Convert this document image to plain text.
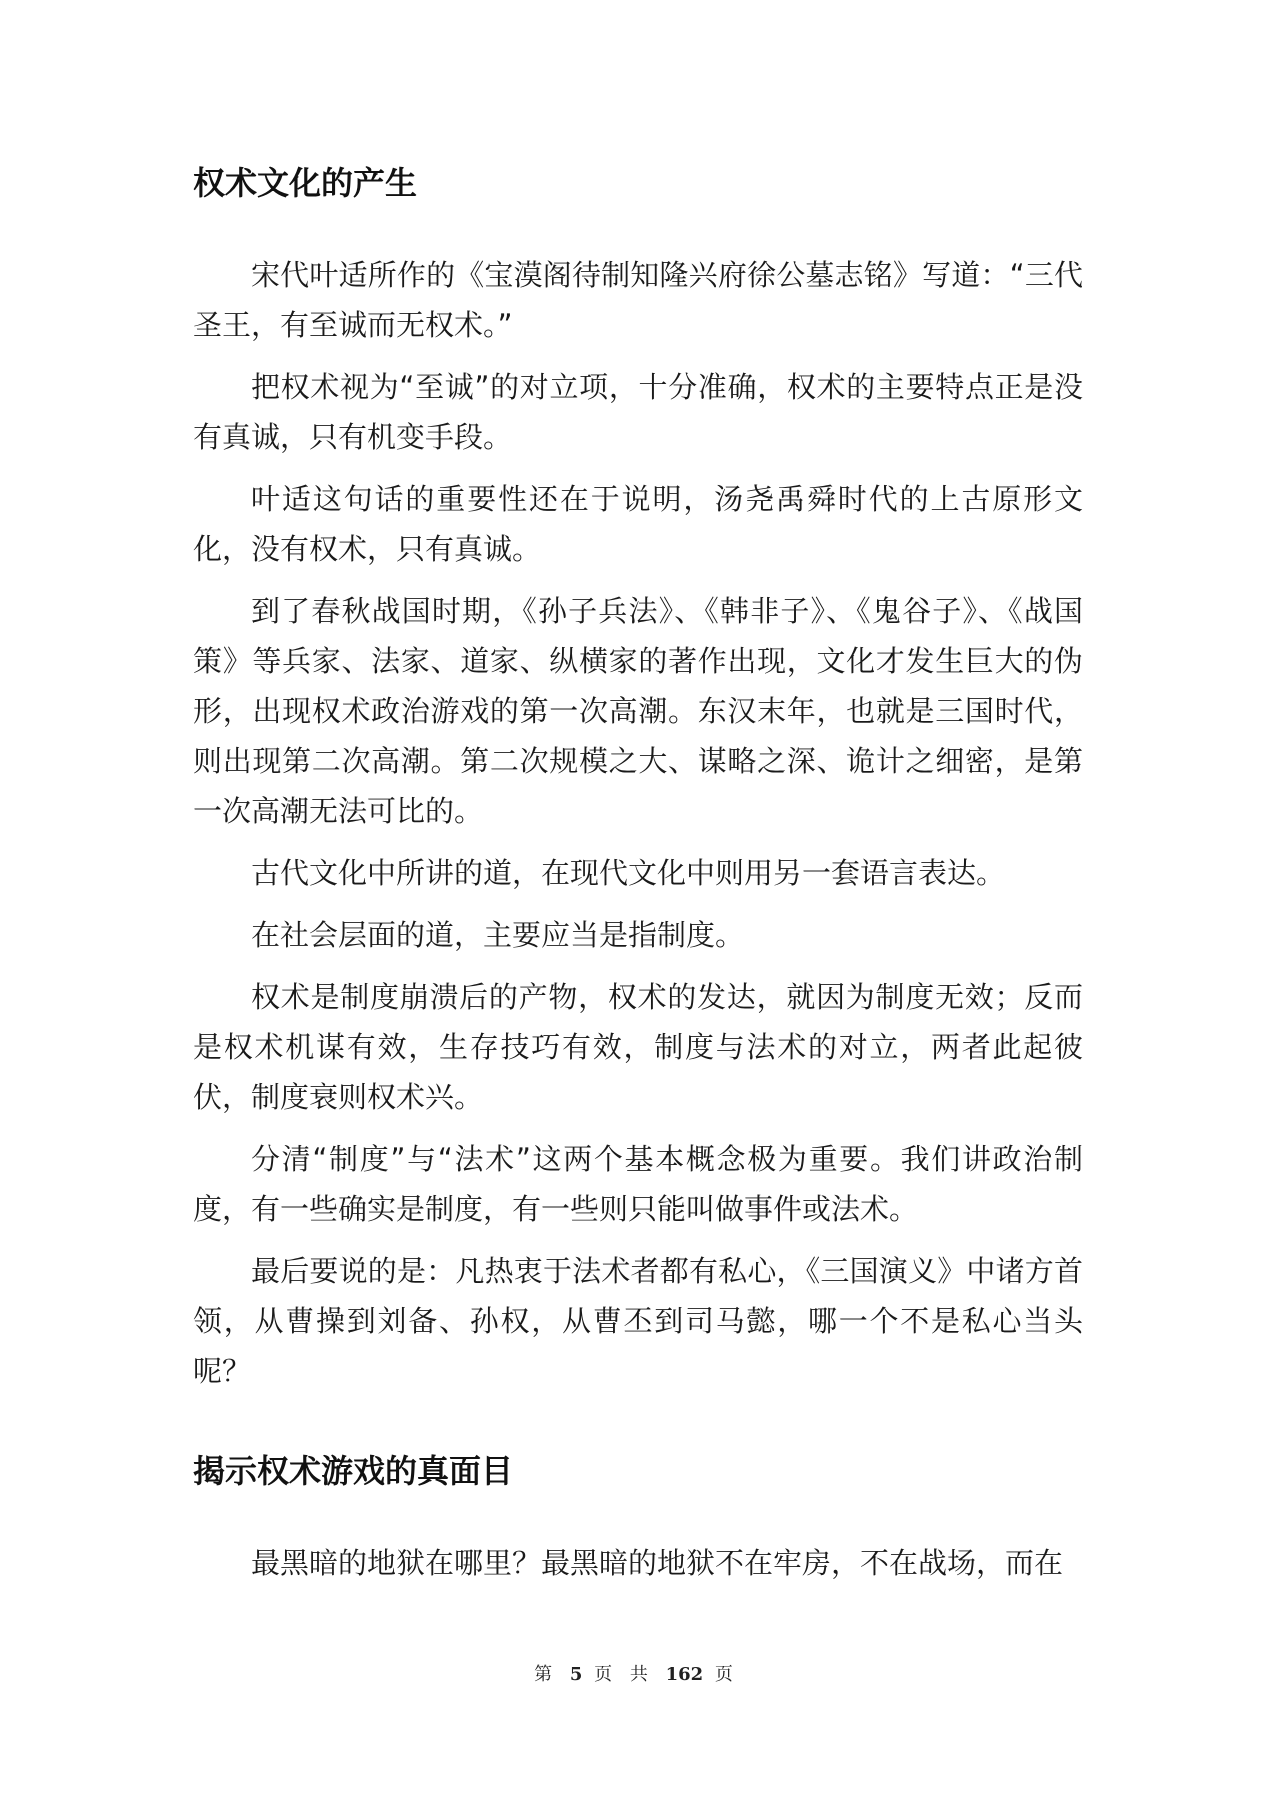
权术文化的产生

宋代叶适所作的《宝漠阁待制知隆兴府徐公墓志铭》写道：“三代圣王，有至诚而无权术。”

把权术视为“至诚”的对立项，十分准确，权术的主要特点正是没有真诚，只有机变手段。

叶适这句话的重要性还在于说明，汤尧禹舜时代的上古原形文化，没有权术，只有真诚。

到了春秋战国时期，《孙子兵法》、《韩非子》、《鬼谷子》、《战国策》等兵家、法家、道家、纵横家的著作出现，文化才发生巨大的伪形，出现权术政治游戏的第一次高潮。东汉末年，也就是三国时代，则出现第二次高潮。第二次规模之大、谋略之深、诡计之细密，是第一次高潮无法可比的。

古代文化中所讲的道，在现代文化中则用另一套语言表达。

在社会层面的道，主要应当是指制度。

权术是制度崩溃后的产物，权术的发达，就因为制度无效；反而是权术机谋有效，生存技巧有效，制度与法术的对立，两者此起彼伏，制度衰则权术兴。

分清“制度”与“法术”这两个基本概念极为重要。我们讲政治制度，有一些确实是制度，有一些则只能叫做事件或法术。

最后要说的是：凡热衷于法术者都有私心，《三国演义》中诸方首领，从曹操到刘备、孙权，从曹丕到司马懿，哪一个不是私心当头呢？

揭示权术游戏的真面目

最黑暗的地狱在哪里？最黑暗的地狱不在牢房，不在战场，而在

第 5 页 共 162 页
